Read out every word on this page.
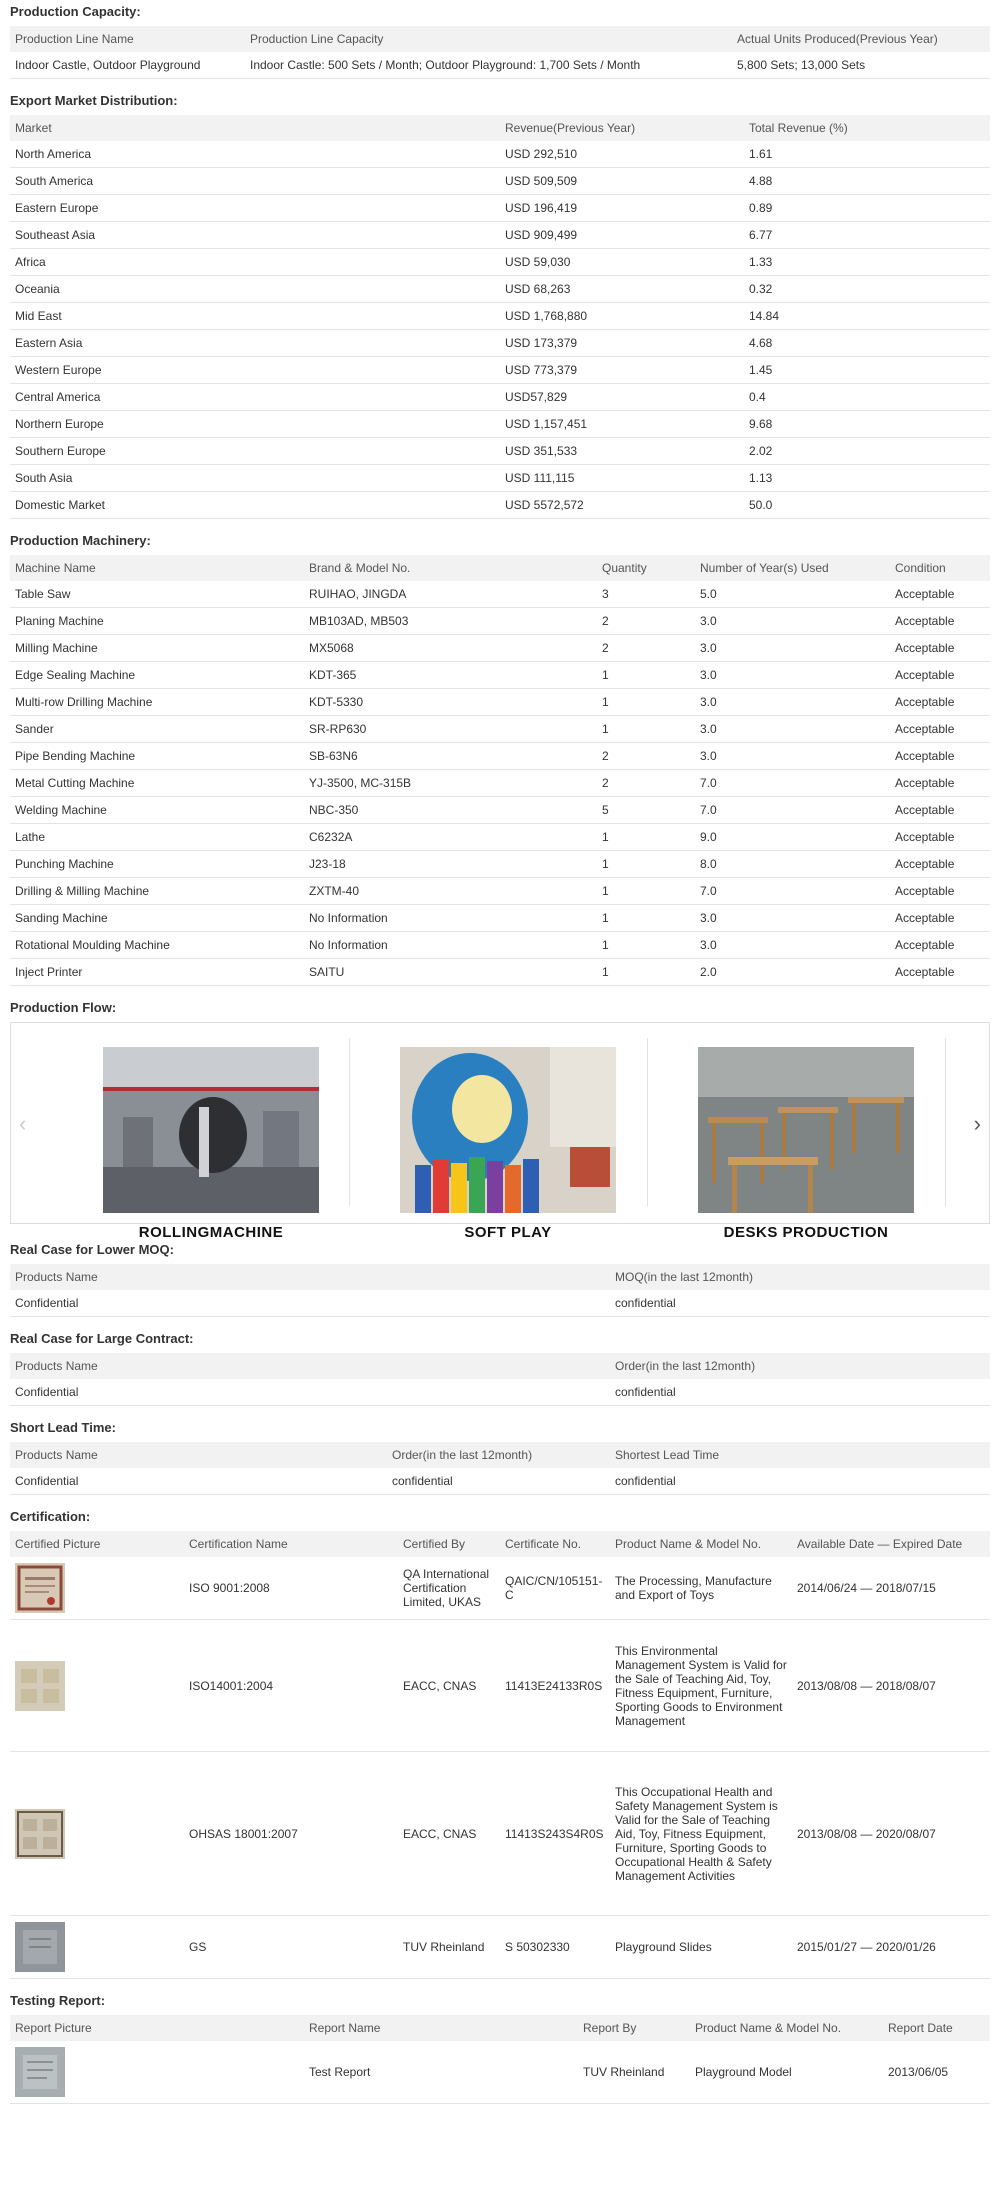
Production Capacity:
Production Line Name	Production Line Capacity	Actual Units Produced(Previous Year)
Indoor Castle, Outdoor Playground	Indoor Castle: 500 Sets / Month; Outdoor Playground: 1,700 Sets / Month	5,800 Sets; 13,000 Sets
Export Market Distribution:
Market	Revenue(Previous Year)	Total Revenue (%)
North America	USD 292,510	1.61
South America	USD 509,509	4.88
Eastern Europe	USD 196,419	0.89
Southeast Asia	USD 909,499	6.77
Africa	USD 59,030	1.33
Oceania	USD 68,263	0.32
Mid East	USD 1,768,880	14.84
Eastern Asia	USD 173,379	4.68
Western Europe	USD 773,379	1.45
Central America	USD57,829	0.4
Northern Europe	USD 1,157,451	9.68
Southern Europe	USD 351,533	2.02
South Asia	USD 111,115	1.13
Domestic Market	USD 5572,572	50.0
Production Machinery:
Machine Name	Brand & Model No.	Quantity	Number of Year(s) Used	Condition
Table Saw	RUIHAO, JINGDA	3	5.0	Acceptable
Planing Machine	MB103AD, MB503	2	3.0	Acceptable
Milling Machine	MX5068	2	3.0	Acceptable
Edge Sealing Machine	KDT-365	1	3.0	Acceptable
Multi-row Drilling Machine	KDT-5330	1	3.0	Acceptable
Sander	SR-RP630	1	3.0	Acceptable
Pipe Bending Machine	SB-63N6	2	3.0	Acceptable
Metal Cutting Machine	YJ-3500, MC-315B	2	7.0	Acceptable
Welding Machine	NBC-350	5	7.0	Acceptable
Lathe	C6232A	1	9.0	Acceptable
Punching Machine	J23-18	1	8.0	Acceptable
Drilling & Milling Machine	ZXTM-40	1	7.0	Acceptable
Sanding Machine	No Information	1	3.0	Acceptable
Rotational Moulding Machine	No Information	1	3.0	Acceptable
Inject Printer	SAITU	1	2.0	Acceptable
Production Flow:
‹
ROLLINGMACHINE	SOFT PLAY	DESKS PRODUCTION
›
Real Case for Lower MOQ:
Products Name	MOQ(in the last 12month)
Confidential	confidential
Real Case for Large Contract:
Products Name	Order(in the last 12month)
Confidential	confidential
Short Lead Time:
Products Name	Order(in the last 12month)	Shortest Lead Time
Confidential	confidential	confidential
Certification:
Certified Picture	Certification Name	Certified By	Certificate No.	Product Name & Model No.	Available Date — Expired Date

	ISO 9001:2008	QA International Certification Limited, UKAS	QAIC/CN/105151-C	The Processing, Manufacture and Export of Toys	2014/06/24 — 2018/07/15

	ISO14001:2004	EACC, CNAS	11413E24133R0S	This Environmental Management System is Valid for the Sale of Teaching Aid, Toy, Fitness Equipment, Furniture, Sporting Goods to Environment Management	2013/08/08 — 2018/08/07

	OHSAS 18001:2007	EACC, CNAS	11413S243S4R0S	This Occupational Health and Safety Management System is Valid for the Sale of Teaching Aid, Toy, Fitness Equipment, Furniture, Sporting Goods to Occupational Health & Safety Management Activities	2013/08/08 — 2020/08/07

	GS	TUV Rheinland	S 50302330	Playground Slides	2015/01/27 — 2020/01/26
Testing Report:
Report Picture	Report Name	Report By	Product Name & Model No.	Report Date

	Test Report	TUV Rheinland	Playground Model	2013/06/05
